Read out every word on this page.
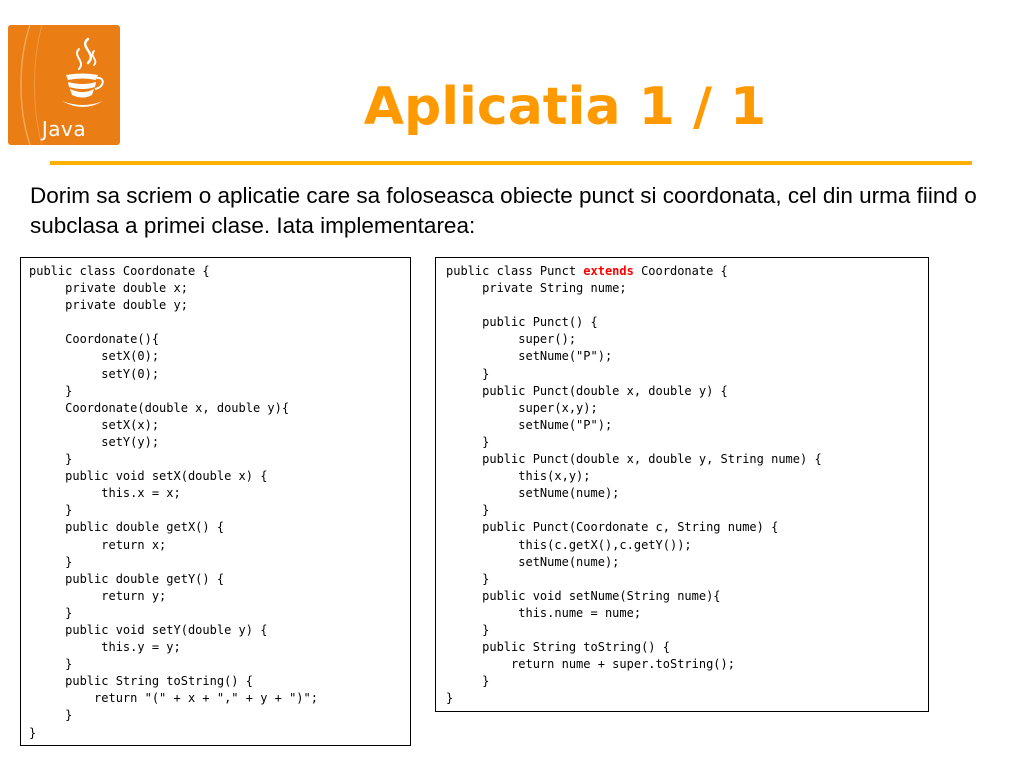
Java	Aplicatia 1 / 1

Dorim sa scriem o aplicatie care sa foloseasca obiecte punct si coordonata, cel din urma fiind o subclasa a primei clase. Iata implementarea:

public class Coordonate {
private double x;
private double y;

Coordonate(){
setX(0);
setY(0);
}
Coordonate(double x, double y){
setX(x);
setY(y);
}
public void setX(double x) {
this.x = x;
}
public double getX() {
return x;
}
public double getY() {
return y;
}
public void setY(double y) {
this.y = y;
}
public String toString() {
return "(" + x + "," + y + ")";
}
}
public class Punct extends Coordonate {
private String nume;

public Punct() {
super();
setNume("P");
}
public Punct(double x, double y) {
super(x,y);
setNume("P");
}
public Punct(double x, double y, String nume) {
this(x,y);
setNume(nume);
}
public Punct(Coordonate c, String nume) {
this(c.getX(),c.getY());
setNume(nume);
}
public void setNume(String nume){
this.nume = nume;
}
public String toString() {
return nume + super.toString();
}
}
